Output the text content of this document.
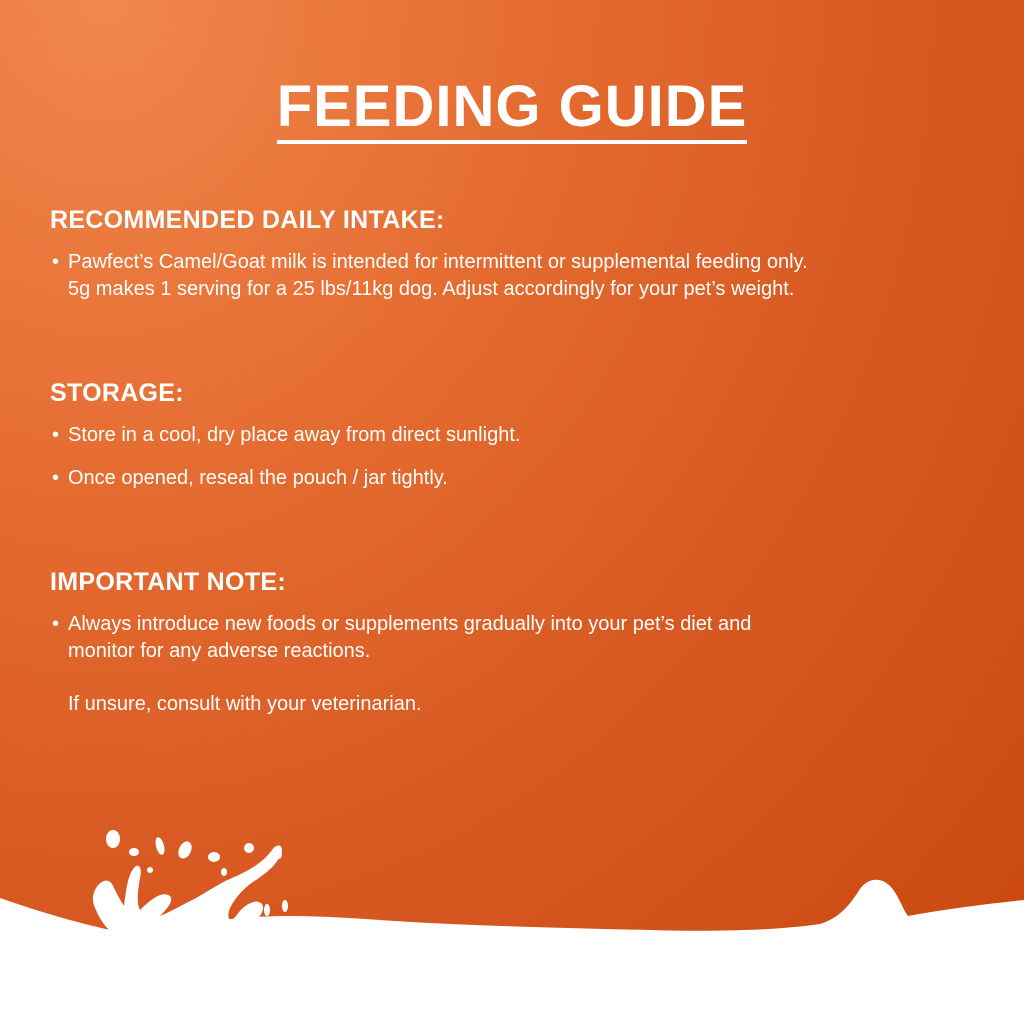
FEEDING GUIDE
RECOMMENDED DAILY INTAKE:
• Pawfect’s Camel/Goat milk is intended for intermittent or supplemental feeding only.
5g makes 1 serving for a 25 lbs/11kg dog. Adjust accordingly for your pet’s weight.
STORAGE:
• Store in a cool, dry place away from direct sunlight.
• Once opened, reseal the pouch / jar tightly.
IMPORTANT NOTE:
• Always introduce new foods or supplements gradually into your pet’s diet and
monitor for any adverse reactions.
If unsure, consult with your veterinarian.
